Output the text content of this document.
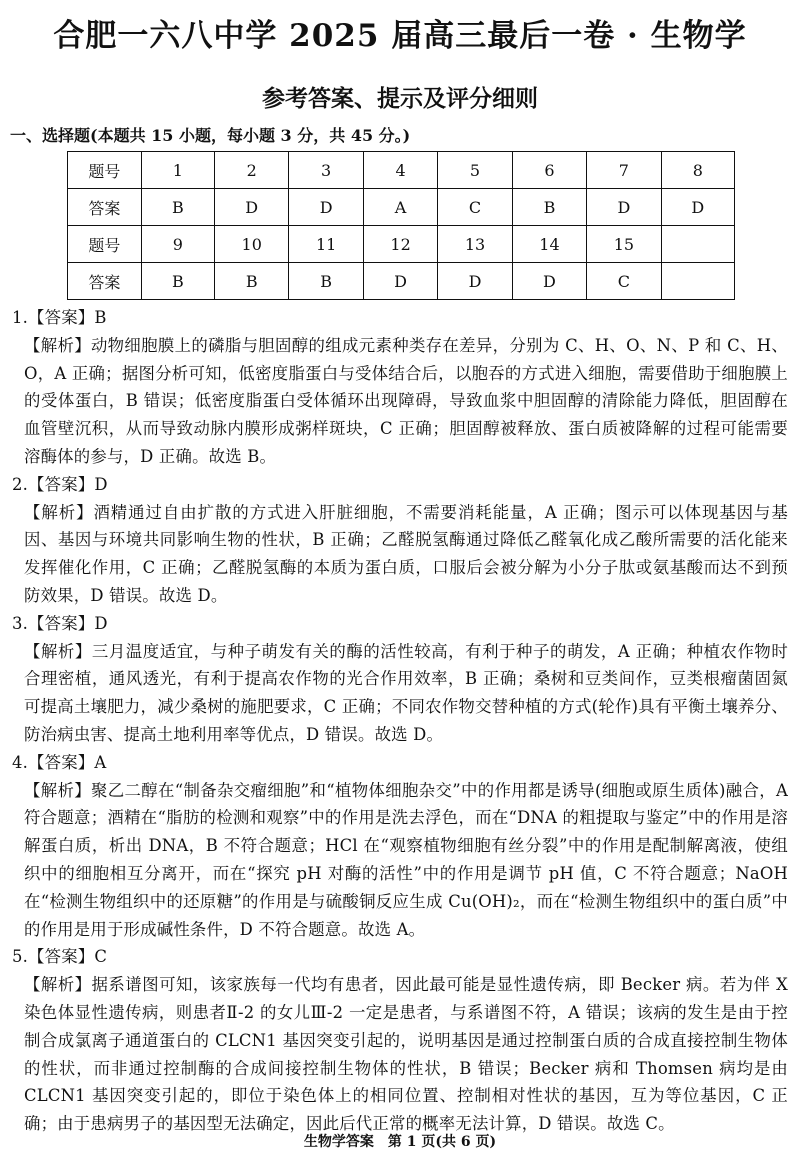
合肥一六八中学 2025 届高三最后一卷 · 生物学
参考答案、提示及评分细则
一、选择题(本题共 15 小题，每小题 3 分，共 45 分。)
题号	1	2	3	4	5	6	7	8
答案	B	D	D	A	C	B	D	D
题号	9	10	11	12	13	14	15	
答案	B	B	B	D	D	D	C	
1.【答案】B
【解析】动物细胞膜上的磷脂与胆固醇的组成元素种类存在差异，分别为 C、H、O、N、P 和 C、H、O，A 正确；据图分析可知，低密度脂蛋白与受体结合后，以胞吞的方式进入细胞，需要借助于细胞膜上的受体蛋白，B 错误；低密度脂蛋白受体循环出现障碍，导致血浆中胆固醇的清除能力降低，胆固醇在血管壁沉积，从而导致动脉内膜形成粥样斑块，C 正确；胆固醇被释放、蛋白质被降解的过程可能需要溶酶体的参与，D 正确。故选 B。
2.【答案】D
【解析】酒精通过自由扩散的方式进入肝脏细胞，不需要消耗能量，A 正确；图示可以体现基因与基因、基因与环境共同影响生物的性状，B 正确；乙醛脱氢酶通过降低乙醛氧化成乙酸所需要的活化能来发挥催化作用，C 正确；乙醛脱氢酶的本质为蛋白质，口服后会被分解为小分子肽或氨基酸而达不到预防效果，D 错误。故选 D。
3.【答案】D
【解析】三月温度适宜，与种子萌发有关的酶的活性较高，有利于种子的萌发，A 正确；种植农作物时合理密植，通风透光，有利于提高农作物的光合作用效率，B 正确；桑树和豆类间作，豆类根瘤菌固氮可提高土壤肥力，减少桑树的施肥要求，C 正确；不同农作物交替种植的方式(轮作)具有平衡土壤养分、防治病虫害、提高土地利用率等优点，D 错误。故选 D。
4.【答案】A
【解析】聚乙二醇在“制备杂交瘤细胞”和“植物体细胞杂交”中的作用都是诱导(细胞或原生质体)融合，A 符合题意；酒精在“脂肪的检测和观察”中的作用是洗去浮色，而在“DNA 的粗提取与鉴定”中的作用是溶解蛋白质，析出 DNA，B 不符合题意；HCl 在“观察植物细胞有丝分裂”中的作用是配制解离液，使组织中的细胞相互分离开，而在“探究 pH 对酶的活性”中的作用是调节 pH 值，C 不符合题意；NaOH 在“检测生物组织中的还原糖”的作用是与硫酸铜反应生成 Cu(OH)₂，而在“检测生物组织中的蛋白质”中的作用是用于形成碱性条件，D 不符合题意。故选 A。
5.【答案】C
【解析】据系谱图可知，该家族每一代均有患者，因此最可能是显性遗传病，即 Becker 病。若为伴 X 染色体显性遗传病，则患者Ⅱ-2 的女儿Ⅲ-2 一定是患者，与系谱图不符，A 错误；该病的发生是由于控制合成氯离子通道蛋白的 CLCN1 基因突变引起的，说明基因是通过控制蛋白质的合成直接控制生物体的性状，而非通过控制酶的合成间接控制生物体的性状，B 错误；Becker 病和 Thomsen 病均是由 CLCN1 基因突变引起的，即位于染色体上的相同位置、控制相对性状的基因，互为等位基因，C 正确；由于患病男子的基因型无法确定，因此后代正常的概率无法计算，D 错误。故选 C。
生物学答案　第 1 页(共 6 页)
